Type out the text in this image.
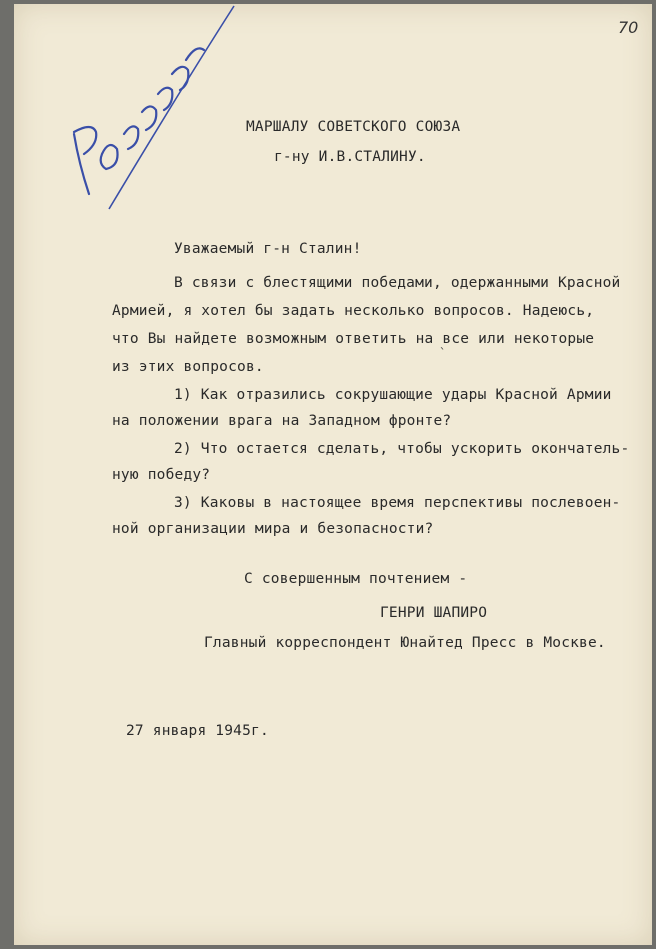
70
МАРШАЛУ СОВЕТСКОГО СОЮЗА
г-ну И.В.СТАЛИНУ.
Уважаемый г-н Сталин!
В связи с блестящими победами, одержанными Красной
Армией, я хотел бы задать несколько вопросов. Надеюсь,
что Вы найдете возможным ответить на все или некоторые
из этих вопросов.
`
1) Как отразились сокрушающие удары Красной Армии
на положении врага на Западном фронте?
2) Что остается сделать, чтобы ускорить окончатель-
ную победу?
3) Каковы в настоящее время перспективы послевоен-
ной организации мира и безопасности?
С совершенным почтением -
ГЕНРИ ШАПИРО
Главный корреспондент Юнайтед Пресс в Москве.
27 января 1945г.
